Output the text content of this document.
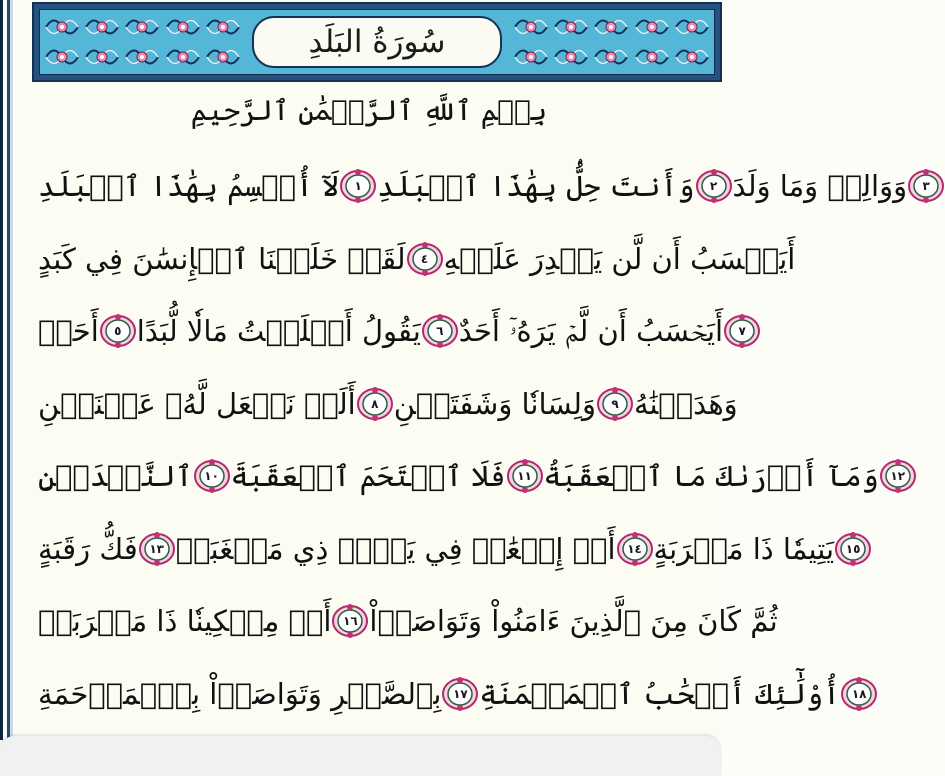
سُورَةُ البَلَدِ
بِسۡمِ ٱللَّهِ ٱلرَّحۡمَٰنِ ٱلرَّحِيمِ
لَآ أُقۡسِمُ بِهَٰذَا ٱلۡبَلَدِ ١ وَأَنتَ حِلُّۢ بِهَٰذَا ٱلۡبَلَدِ ٢ وَوَالِدٖ وَمَا وَلَدَ ٣
لَقَدۡ خَلَقۡنَا ٱلۡإِنسَٰنَ فِي كَبَدٍ ٤ أَيَحۡسَبُ أَن لَّن يَقۡدِرَ عَلَيۡهِ
أَحَدٞ ٥ يَقُولُ أَهۡلَكۡتُ مَالٗا لُّبَدًا ٦ أَيَحۡسَبُ أَن لَّمۡ يَرَهُۥٓ أَحَدٌ ٧
أَلَمۡ نَجۡعَل لَّهُۥ عَيۡنَيۡنِ ٨ وَلِسَانٗا وَشَفَتَيۡنِ ٩ وَهَدَيۡنَٰهُ
ٱلنَّجۡدَيۡنِ ١٠ فَلَا ٱقۡتَحَمَ ٱلۡعَقَبَةَ ١١ وَمَآ أَدۡرَىٰكَ مَا ٱلۡعَقَبَةُ ١٢
فَكُّ رَقَبَةٍ ١٣ أَوۡ إِطۡعَٰمٞ فِي يَوۡمٖ ذِي مَسۡغَبَةٖ ١٤ يَتِيمٗا ذَا مَقۡرَبَةٍ ١٥
أَوۡ مِسۡكِينٗا ذَا مَتۡرَبَةٖ ١٦ ثُمَّ كَانَ مِنَ ٱلَّذِينَ ءَامَنُواْ وَتَوَاصَوۡاْ
بِٱلصَّبۡرِ وَتَوَاصَوۡاْ بِٱلۡمَرۡحَمَةِ ١٧ أُوْلَٰٓئِكَ أَصۡحَٰبُ ٱلۡمَيۡمَنَةِ ١٨
